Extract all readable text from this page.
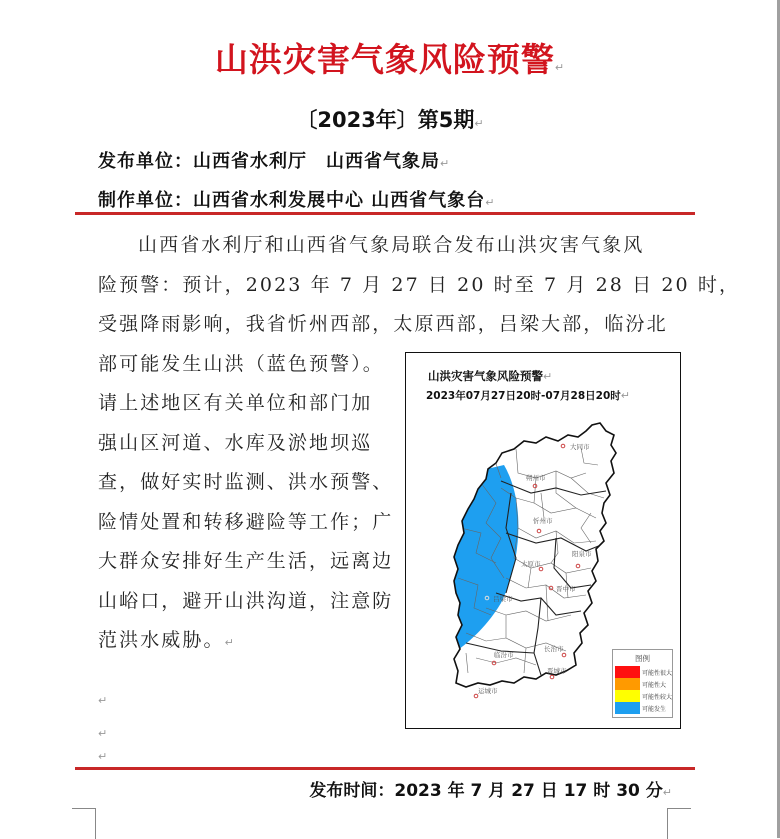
山洪灾害气象风险预警↵
〔2023年〕第5期↵
发布单位：山西省水利厅　山西省气象局↵
制作单位：山西省水利发展中心 山西省气象台↵
山西省水利厅和山西省气象局联合发布山洪灾害气象风
险预警：预计，2023 年 7 月 27 日 20 时至 7 月 28 日 20 时，
受强降雨影响，我省忻州西部，太原西部，吕梁大部，临汾北
部可能发生山洪（蓝色预警）。
请上述地区有关单位和部门加
强山区河道、水库及淤地坝巡
查，做好实时监测、洪水预警、
险情处置和转移避险等工作；广
大群众安排好生产生活，远离边
山峪口，避开山洪沟道，注意防
范洪水威胁。↵
↵
↵
↵
山洪灾害气象风险预警↵
2023年07月27日20时-07月28日20时↵
大同市
朔州市
忻州市
阳泉市
太原市
晋中市
吕梁市
临汾市
长治市
晋城市
运城市
图例
可能性很大
可能性大
可能性较大
可能发生
发布时间：2023 年 7 月 27 日 17 时 30 分↵
